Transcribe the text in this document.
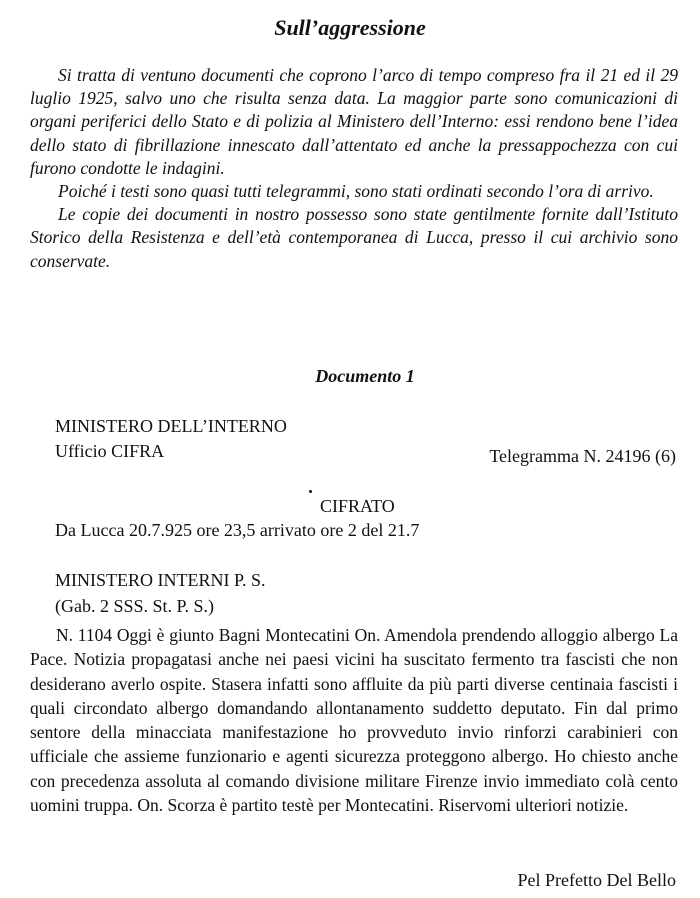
Sull’aggressione

Si tratta di ventuno documenti che coprono l’arco di tempo compreso fra il 21 ed il 29 luglio 1925, salvo uno che risulta senza data. La maggior parte sono comunicazioni di organi periferici dello Stato e di polizia al Ministero dell’Interno: essi rendono bene l’idea dello stato di fibrillazione innescato dall’attentato ed anche la pressappochezza con cui furono condotte le indagini.

Poiché i testi sono quasi tutti telegrammi, sono stati ordinati secondo l’ora di arrivo.

Le copie dei documenti in nostro possesso sono state gentilmente fornite dall’Istituto Storico della Resistenza e dell’età contemporanea di Lucca, presso il cui archivio sono conservate.

Documento 1
MINISTERO DELL’INTERNO
Ufficio CIFRA	Telegramma N. 24196 (6)
CIFRATO
Da Lucca 20.7.925 ore 23,5 arrivato ore 2 del 21.7
MINISTERO INTERNI P. S.
(Gab. 2 SSS. St. P. S.)

N. 1104 Oggi è giunto Bagni Montecatini On. Amendola prendendo alloggio albergo La Pace. Notizia propagatasi anche nei paesi vicini ha suscitato fermento tra fascisti che non desiderano averlo ospite. Stasera infatti sono affluite da più parti diverse centinaia fascisti i quali circondato albergo domandando allontanamento suddetto deputato. Fin dal primo sentore della minacciata manifestazione ho provveduto invio rinforzi carabinieri con ufficiale che assieme funzionario e agenti sicurezza proteggono albergo. Ho chiesto anche con precedenza assoluta al comando divisione militare Firenze invio immediato colà cento uomini truppa. On. Scorza è partito testè per Montecatini. Riservomi ulteriori notizie.

Pel Prefetto Del Bello
